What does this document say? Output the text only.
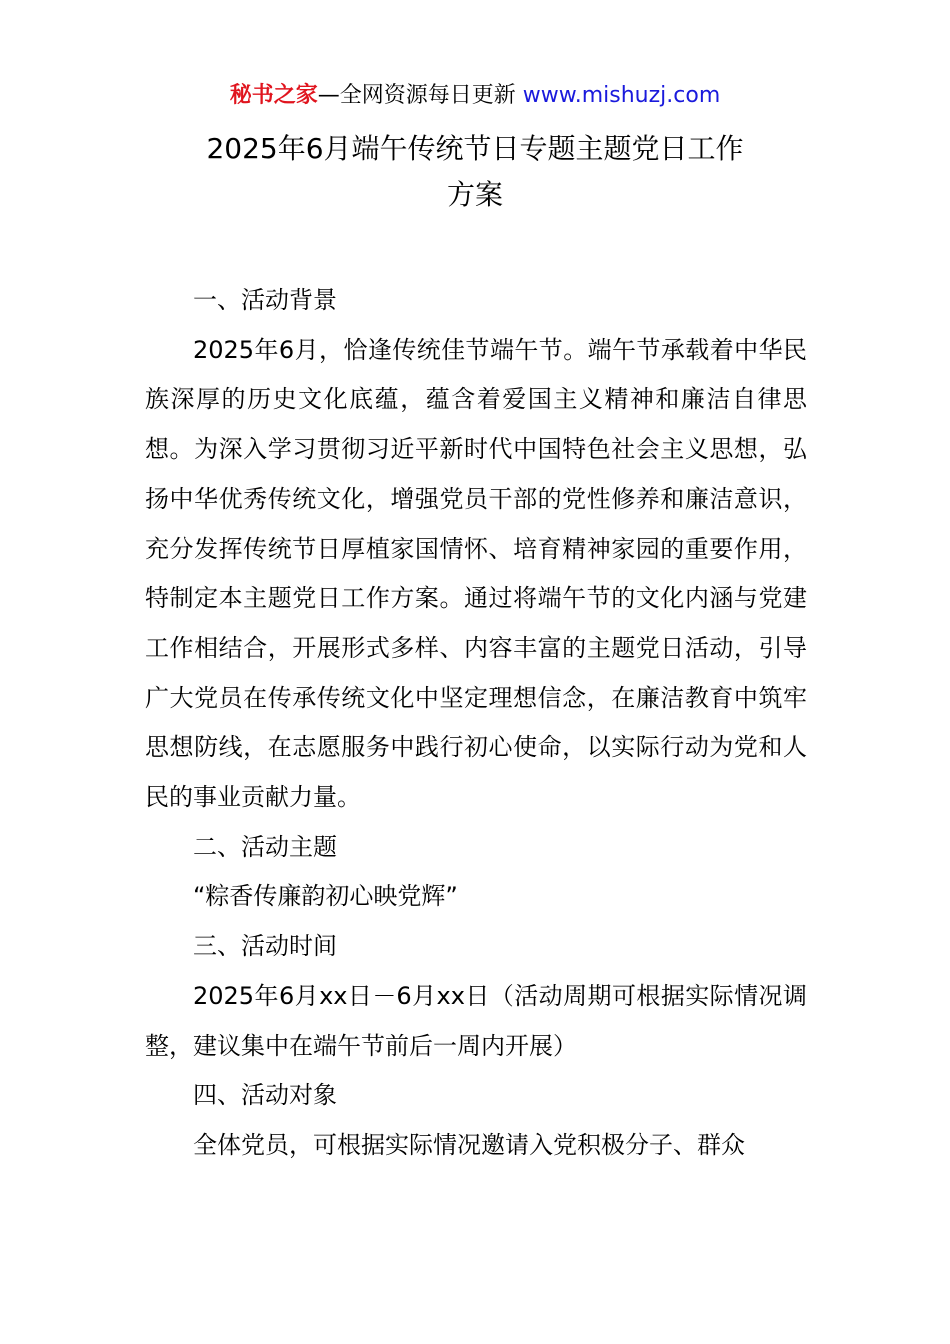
秘书之家—全网资源每日更新 www.mishuzj.com
2025年6月端午传统节日专题主题党日工作
方案

一、活动背景

2025年6月，恰逢传统佳节端午节。端午节承载着中华民族深厚的历史文化底蕴，蕴含着爱国主义精神和廉洁自律思想。为深入学习贯彻习近平新时代中国特色社会主义思想，弘扬中华优秀传统文化，增强党员干部的党性修养和廉洁意识，充分发挥传统节日厚植家国情怀、培育精神家园的重要作用，特制定本主题党日工作方案。通过将端午节的文化内涵与党建工作相结合，开展形式多样、内容丰富的主题党日活动，引导广大党员在传承传统文化中坚定理想信念，在廉洁教育中筑牢思想防线，在志愿服务中践行初心使命，以实际行动为党和人民的事业贡献力量。

二、活动主题

“粽香传廉韵初心映党辉”

三、活动时间

2025年6月xx日－6月xx日（活动周期可根据实际情况调整，建议集中在端午节前后一周内开展）

四、活动对象

全体党员，可根据实际情况邀请入党积极分子、群众
